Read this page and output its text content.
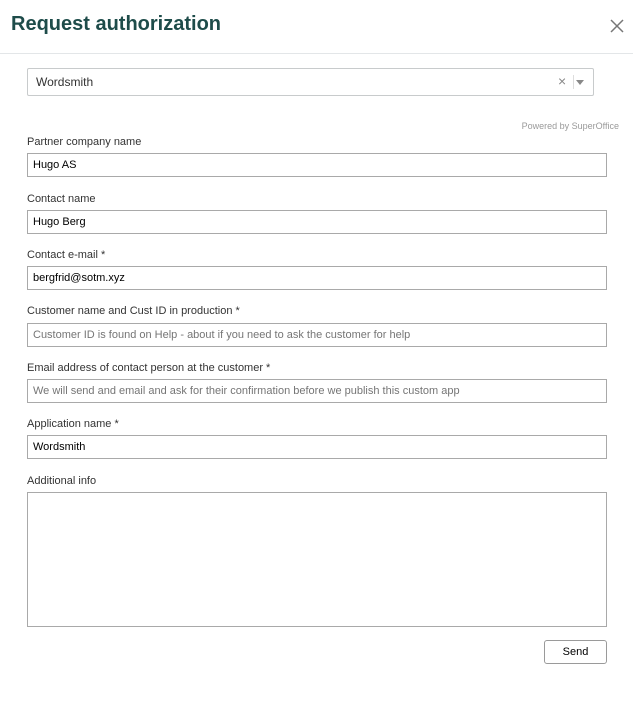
Request authorization
Wordsmith	×
Powered by SuperOffice
Partner company name
Hugo AS
Contact name
Hugo Berg
Contact e-mail *
bergfrid@sotm.xyz
Customer name and Cust ID in production *
Customer ID is found on Help - about if you need to ask the customer for help
Email address of contact person at the customer *
We will send and email and ask for their confirmation before we publish this custom app
Application name *
Wordsmith
Additional info
Send
